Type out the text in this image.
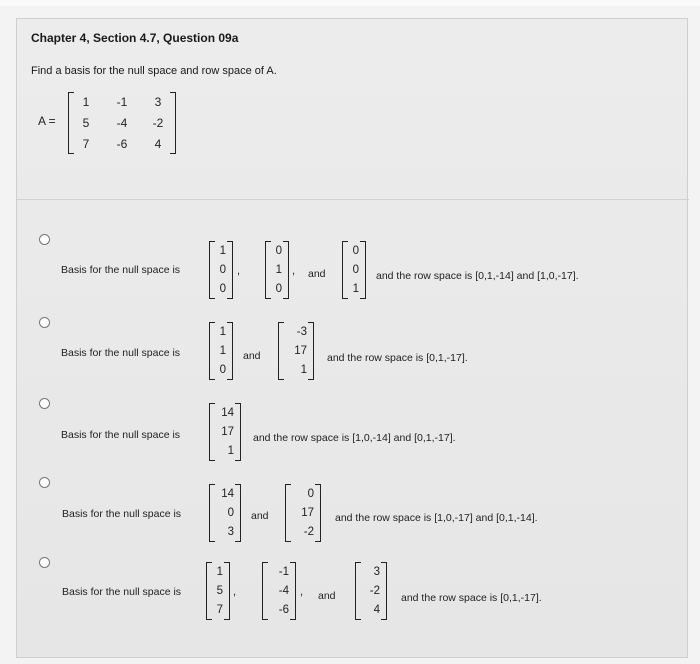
Chapter 4, Section 4.7, Question 09a
Find a basis for the null space and row space of A.
A =
1	-1	3
5	-4	-2
7	-6	4
Basis for the null space is
1
0
0
,
0
1
0
, and
0
0
1
and the row space is [0,1,-14] and [1,0,-17].
Basis for the null space is
1
1
0
and
-3
17
1
and the row space is [0,1,-17].
Basis for the null space is
14
17
1
and the row space is [1,0,-14] and [0,1,-17].
Basis for the null space is
14
0
3
and
0
17
-2
and the row space is [1,0,-17] and [0,1,-14].
Basis for the null space is
1
5
7
,
-1
-4
-6
, and
3
-2
4
and the row space is [0,1,-17].
